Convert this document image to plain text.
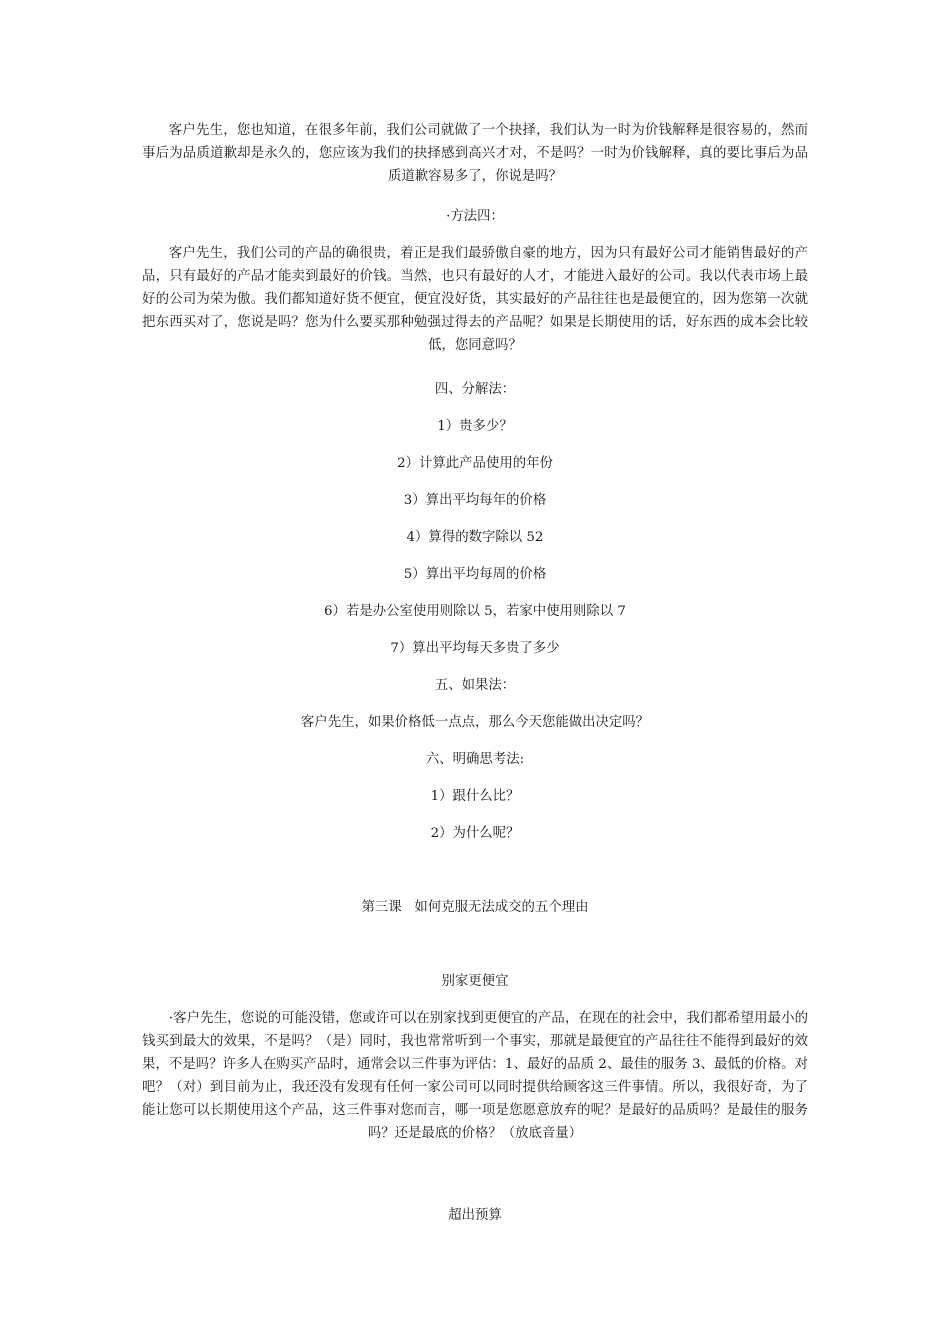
客户先生，您也知道，在很多年前，我们公司就做了一个抉择，我们认为一时为价钱解释是很容易的，然而事后为品质道歉却是永久的，您应该为我们的抉择感到高兴才对，不是吗？一时为价钱解释，真的要比事后为品质道歉容易多了，你说是吗？

·方法四：

客户先生，我们公司的产品的确很贵，着正是我们最骄傲自豪的地方，因为只有最好公司才能销售最好的产品，只有最好的产品才能卖到最好的价钱。当然，也只有最好的人才，才能进入最好的公司。我以代表市场上最好的公司为荣为傲。我们都知道好货不便宜，便宜没好货，其实最好的产品往往也是最便宜的，因为您第一次就把东西买对了，您说是吗？您为什么要买那种勉强过得去的产品呢？如果是长期使用的话，好东西的成本会比较低，您同意吗？

四、分解法：

1）贵多少？

2）计算此产品使用的年份

3）算出平均每年的价格

4）算得的数字除以 52

5）算出平均每周的价格

6）若是办公室使用则除以 5，若家中使用则除以 7

7）算出平均每天多贵了多少

五、如果法：

客户先生，如果价格低一点点，那么今天您能做出决定吗？

六、明确思考法:

1）跟什么比？

2）为什么呢？

第三课   如何克服无法成交的五个理由

别家更便宜

·客户先生，您说的可能没错，您或许可以在别家找到更便宜的产品，在现在的社会中，我们都希望用最小的钱买到最大的效果，不是吗？（是）同时，我也常常听到一个事实，那就是最便宜的产品往往不能得到最好的效果，不是吗？许多人在购买产品时，通常会以三件事为评估：1、最好的品质 2、最佳的服务 3、最低的价格。对吧？（对）到目前为止，我还没有发现有任何一家公司可以同时提供给顾客这三件事情。所以，我很好奇，为了能让您可以长期使用这个产品，这三件事对您而言，哪一项是您愿意放弃的呢？是最好的品质吗？是最佳的服务吗？还是最底的价格？（放底音量）

超出预算
